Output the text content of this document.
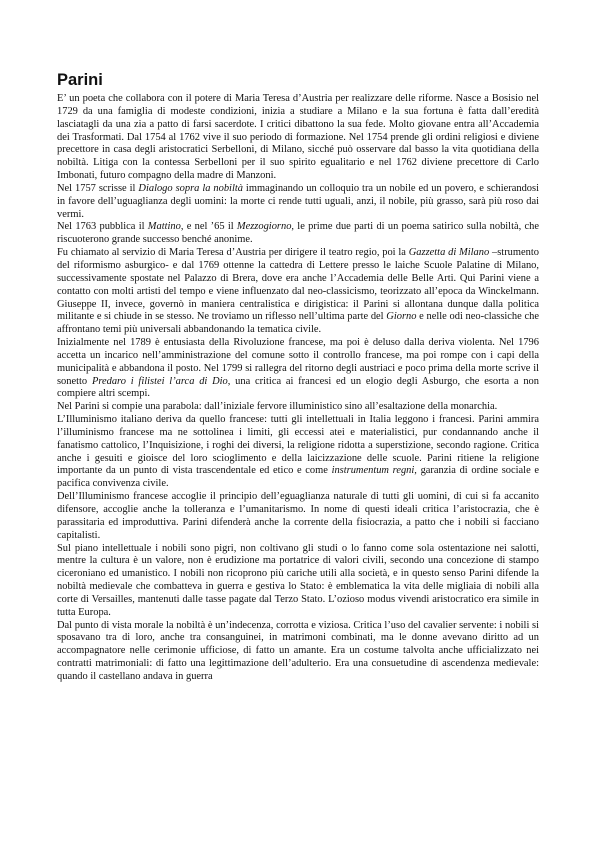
Parini

E’ un poeta che collabora con il potere di Maria Teresa d’Austria per realizzare delle riforme. Nasce a Bosisio nel 1729 da una famiglia di modeste condizioni, inizia a studiare a Milano e la sua fortuna è fatta dall’eredità lasciatagli da una zia a patto di farsi sacerdote. I critici dibattono la sua fede. Molto giovane entra all’Accademia dei Trasformati. Dal 1754 al 1762 vive il suo periodo di formazione. Nel 1754 prende gli ordini religiosi e diviene precettore in casa degli aristocratici Serbelloni, di Milano, sicché può osservare dal basso la vita quotidiana della nobiltà. Litiga con la contessa Serbelloni per il suo spirito egualitario e nel 1762 diviene precettore di Carlo Imbonati, futuro compagno della madre di Manzoni.

Nel 1757 scrisse il Dialogo sopra la nobiltà immaginando un colloquio tra un nobile ed un povero, e schierandosi in favore dell’uguaglianza degli uomini: la morte ci rende tutti uguali, anzi, il nobile, più grasso, sarà più roso dai vermi.

Nel 1763 pubblica il Mattino, e nel ’65 il Mezzogiorno, le prime due parti di un poema satirico sulla nobiltà, che riscuoterono grande successo benché anonime.

Fu chiamato al servizio di Maria Teresa d’Austria per dirigere il teatro regio, poi la Gazzetta di Milano –strumento del riformismo asburgico- e dal 1769 ottenne la cattedra di Lettere presso le laiche Scuole Palatine di Milano, successivamente spostate nel Palazzo di Brera, dove era anche l’Accademia delle Belle Arti. Qui Parini viene a contatto con molti artisti del tempo e viene influenzato dal neo-classicismo, teorizzato all’epoca da Winckelmann. Giuseppe II, invece, governò in maniera centralistica e dirigistica: il Parini si allontana dunque dalla politica militante e si chiude in se stesso. Ne troviamo un riflesso nell’ultima parte del Giorno e nelle odi neo-classiche che affrontano temi più universali abbandonando la tematica civile.

Inizialmente nel 1789 è entusiasta della Rivoluzione francese, ma poi è deluso dalla deriva violenta. Nel 1796 accetta un incarico nell’amministrazione del comune sotto il controllo francese, ma poi rompe con i capi della municipalità e abbandona il posto. Nel 1799 si rallegra del ritorno degli austriaci e poco prima della morte scrive il sonetto Predaro i filistei l’arca di Dio, una critica ai francesi ed un elogio degli Asburgo, che esorta a non compiere altri scempi.

Nel Parini si compie una parabola: dall’iniziale fervore illuministico sino all’esaltazione della monarchia.

L’Illuminismo italiano deriva da quello francese: tutti gli intellettuali in Italia leggono i francesi. Parini ammira l’illuminismo francese ma ne sottolinea i limiti, gli eccessi atei e materialistici, pur condannando anche il fanatismo cattolico, l’Inquisizione, i roghi dei diversi, la religione ridotta a superstizione, secondo ragione. Critica anche i gesuiti e gioisce del loro scioglimento e della laicizzazione delle scuole. Parini ritiene la religione importante da un punto di vista trascendentale ed etico e come instrumentum regni, garanzia di ordine sociale e pacifica convivenza civile.

Dell’Illuminismo francese accoglie il principio dell’eguaglianza naturale di tutti gli uomini, di cui si fa accanito difensore, accoglie anche la tolleranza e l’umanitarismo. In nome di questi ideali critica l’aristocrazia, che è parassitaria ed improduttiva. Parini difenderà anche la corrente della fisiocrazia, a patto che i nobili si facciano capitalisti.

Sul piano intellettuale i nobili sono pigri, non coltivano gli studi o lo fanno come sola ostentazione nei salotti, mentre la cultura è un valore, non è erudizione ma portatrice di valori civili, secondo una concezione di stampo ciceroniano ed umanistico. I nobili non ricoprono più cariche utili alla società, e in questo senso Parini difende la nobiltà medievale che combatteva in guerra e gestiva lo Stato: è emblematica la vita delle migliaia di nobili alla corte di Versailles, mantenuti dalle tasse pagate dal Terzo Stato. L’ozioso modus vivendi aristocratico era simile in tutta Europa.

Dal punto di vista morale la nobiltà è un’indecenza, corrotta e viziosa. Critica l’uso del cavalier servente: i nobili si sposavano tra di loro, anche tra consanguinei, in matrimoni combinati, ma le donne avevano diritto ad un accompagnatore nelle cerimonie ufficiose, di fatto un amante. Era un costume talvolta anche ufficializzato nei contratti matrimoniali: di fatto una legittimazione dell’adulterio. Era una consuetudine di ascendenza medievale: quando il castellano andava in guerra
